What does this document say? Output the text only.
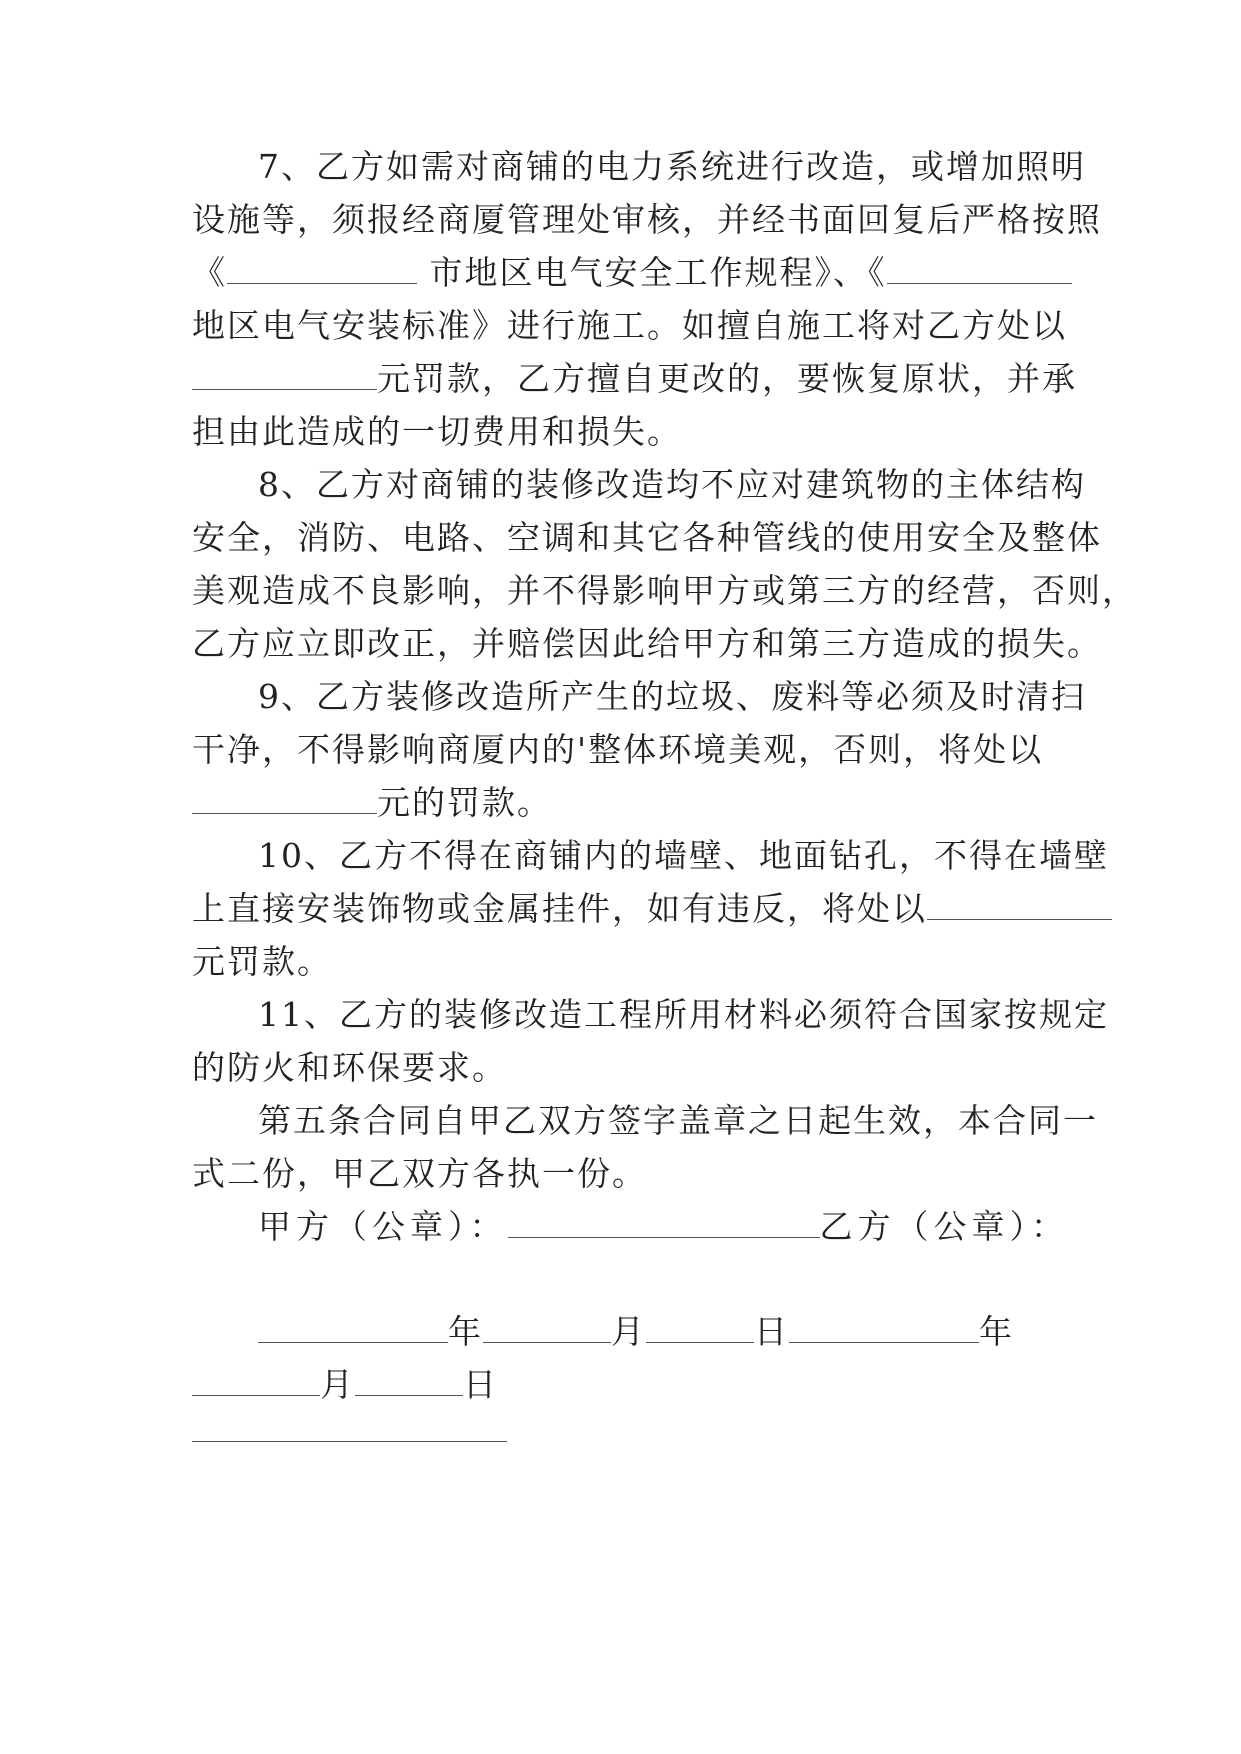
7、乙方如需对商铺的电力系统进行改造，或增加照明
设施等，须报经商厦管理处审核，并经书面回复后严格按照
《	市地区电气安全工作规程》、《
地区电气安装标准》进行施工。如擅自施工将对乙方处以
元罚款，乙方擅自更改的，要恢复原状，并承
担由此造成的一切费用和损失。
8、乙方对商铺的装修改造均不应对建筑物的主体结构
安全，消防、电路、空调和其它各种管线的使用安全及整体
美观造成不良影响，并不得影响甲方或第三方的经营，否则，
乙方应立即改正，并赔偿因此给甲方和第三方造成的损失。
9、乙方装修改造所产生的垃圾、废料等必须及时清扫
干净，不得影响商厦内的'整体环境美观，否则，将处以
元的罚款。
10、乙方不得在商铺内的墙壁、地面钻孔，不得在墙壁
上直接安装饰物或金属挂件，如有违反，将处以
元罚款。
11、乙方的装修改造工程所用材料必须符合国家按规定
的防火和环保要求。
第五条合同自甲乙双方签字盖章之日起生效，本合同一
式二份，甲乙双方各执一份。
甲方（公章）：	乙方（公章）：
年	月	日	年
月	日
